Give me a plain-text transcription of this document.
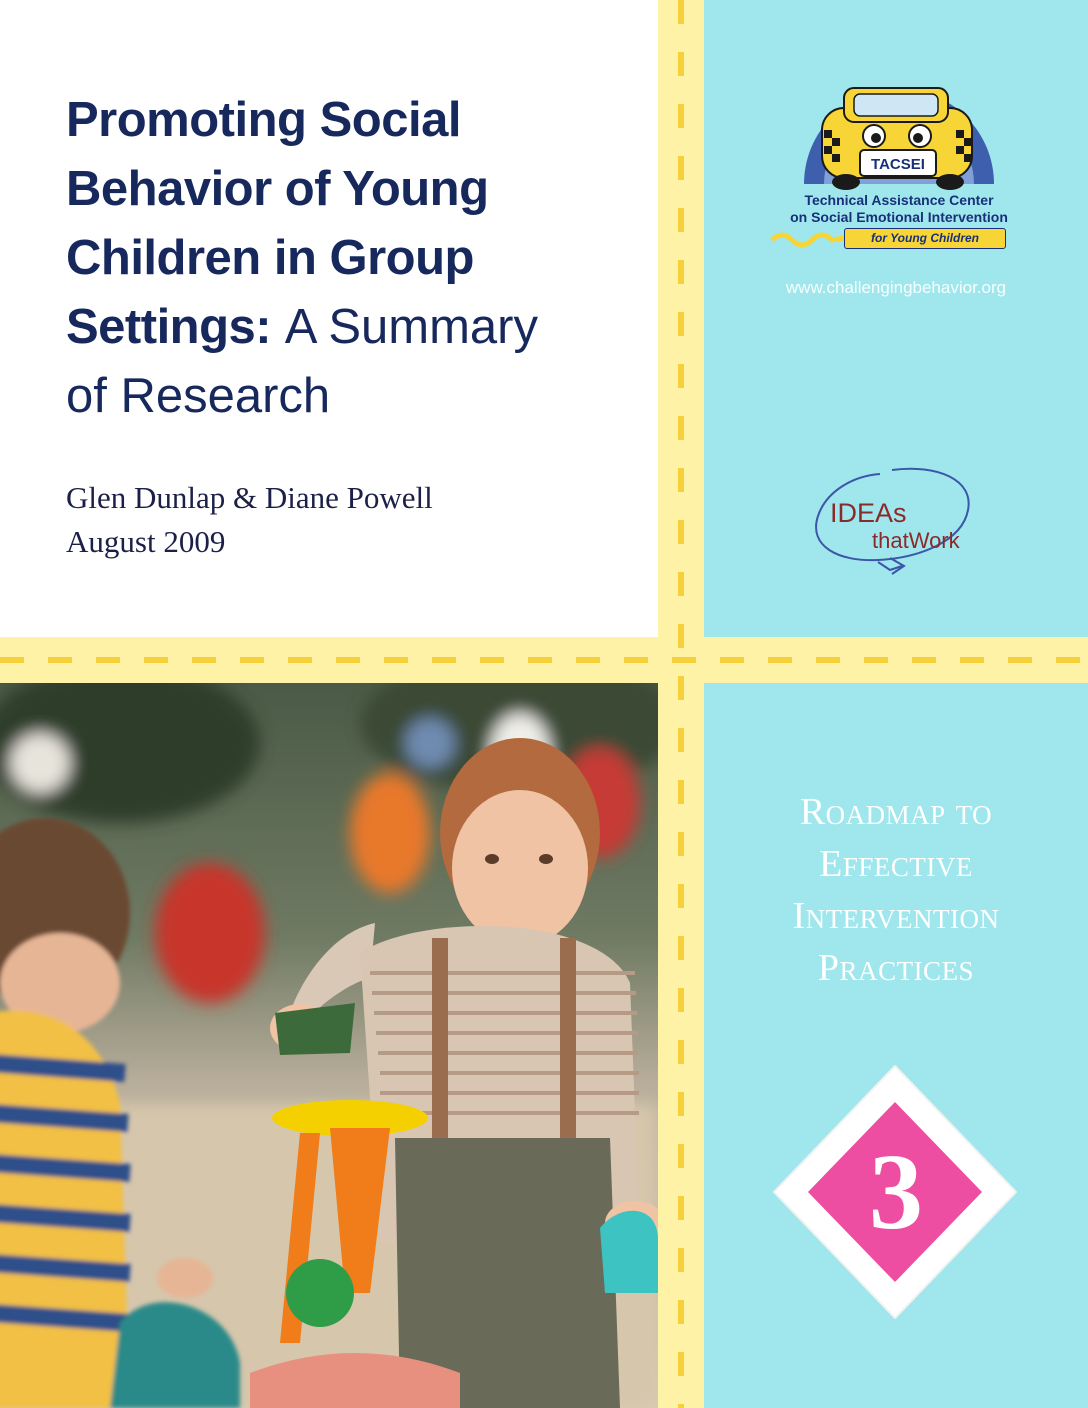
Promoting Social
Behavior of Young
Children in Group
Settings: A Summary
of Research
Glen Dunlap & Diane Powell
August 2009
TACSEI
Technical Assistance Center
on Social Emotional Intervention
for Young Children
www.challengingbehavior.org
IDEAs
thatWork
Roadmap to
Effective
Intervention
Practices
3
